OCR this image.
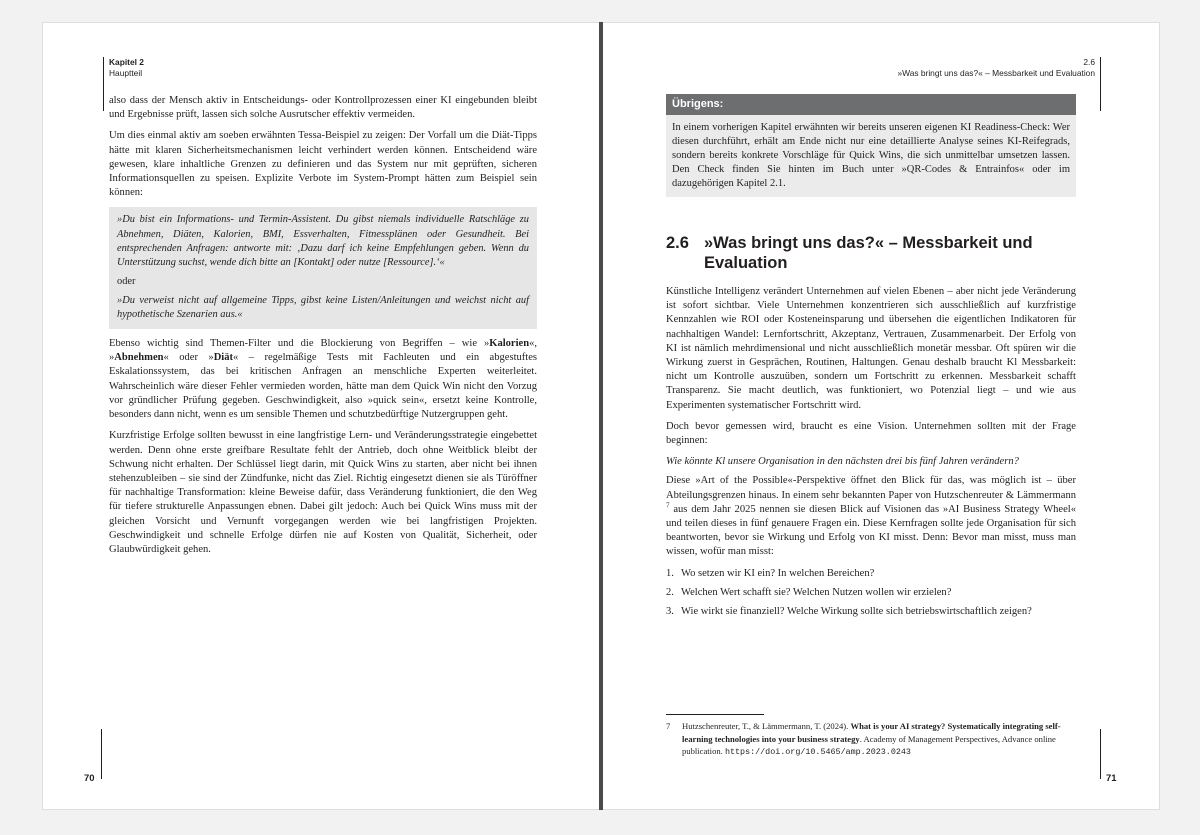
Kapitel 2
Hauptteil

also dass der Mensch aktiv in Entscheidungs- oder Kontrollprozessen einer KI eingebunden bleibt und Ergebnisse prüft, lassen sich solche Ausrutscher effektiv vermeiden.

Um dies einmal aktiv am soeben erwähnten Tessa-Beispiel zu zeigen: Der Vorfall um die Diät-Tipps hätte mit klaren Sicherheitsmechanismen leicht verhindert werden können. Entscheidend wäre gewesen, klare inhaltliche Grenzen zu definieren und das System nur mit geprüften, sicheren Informationsquellen zu speisen. Explizite Verbote im System-Prompt hätten zum Beispiel sein können:

»Du bist ein Informations- und Termin-Assistent. Du gibst niemals individuelle Ratschläge zu Abnehmen, Diäten, Kalorien, BMI, Essverhalten, Fitnessplänen oder Gesundheit. Bei entsprechenden Anfragen: antworte mit: ‚Dazu darf ich keine Empfehlungen geben. Wenn du Unterstützung suchst, wende dich bitte an [Kontakt] oder nutze [Ressource].‘«

oder

»Du verweist nicht auf allgemeine Tipps, gibst keine Listen/Anleitungen und weichst nicht auf hypothetische Szenarien aus.«

Ebenso wichtig sind Themen-Filter und die Blockierung von Begriffen – wie »Kalorien«, »Abnehmen« oder »Diät« – regelmäßige Tests mit Fachleuten und ein abgestuftes Eskalationssystem, das bei kritischen Anfragen an menschliche Experten weiterleitet. Wahrscheinlich wäre dieser Fehler vermieden worden, hätte man dem Quick Win nicht den Vorzug vor gründlicher Prüfung gegeben. Geschwindigkeit, also »quick sein«, ersetzt keine Kontrolle, besonders dann nicht, wenn es um sensible Themen und schutzbedürftige Nutzergruppen geht.

Kurzfristige Erfolge sollten bewusst in eine langfristige Lern- und Veränderungsstrategie eingebettet werden. Denn ohne erste greifbare Resultate fehlt der Antrieb, doch ohne Weitblick bleibt der Schwung nicht erhalten. Der Schlüssel liegt darin, mit Quick Wins zu starten, aber nicht bei ihnen stehenzubleiben – sie sind der Zündfunke, nicht das Ziel. Richtig eingesetzt dienen sie als Türöffner für nachhaltige Transformation: kleine Beweise dafür, dass Veränderung funktioniert, die den Weg für tiefere strukturelle Anpassungen ebnen. Dabei gilt jedoch: Auch bei Quick Wins muss mit der gleichen Vorsicht und Vernunft vorgegangen werden wie bei langfristigen Projekten. Geschwindigkeit und schnelle Erfolge dürfen nie auf Kosten von Qualität, Sicherheit, oder Glaubwürdigkeit gehen.

70
2.6
»Was bringt uns das?« – Messbarkeit und Evaluation
Übrigens:
In einem vorherigen Kapitel erwähnten wir bereits unseren eigenen KI Readiness-Check: Wer diesen durchführt, erhält am Ende nicht nur eine detaillierte Analyse seines KI-Reifegrads, sondern bereits konkrete Vorschläge für Quick Wins, die sich unmittelbar umsetzen lassen. Den Check finden Sie hinten im Buch unter »QR-Codes & Entrainfos« oder im dazugehörigen Kapitel 2.1.
2.6 »Was bringt uns das?« – Messbarkeit und Evaluation

Künstliche Intelligenz verändert Unternehmen auf vielen Ebenen – aber nicht jede Veränderung ist sofort sichtbar. Viele Unternehmen konzentrieren sich ausschließlich auf kurzfristige Kennzahlen wie ROI oder Kosteneinsparung und übersehen die eigentlichen Indikatoren für nachhaltigen Wandel: Lernfortschritt, Akzeptanz, Vertrauen, Zusammenarbeit. Der Erfolg von KI ist nämlich mehrdimensional und nicht ausschließlich monetär messbar. Oft spüren wir die Wirkung zuerst in Gesprächen, Routinen, Haltungen. Genau deshalb braucht Kl Messbarkeit: nicht um Kontrolle auszuüben, sondern um Fortschritt zu erkennen. Messbarkeit schafft Transparenz. Sie macht deutlich, was funktioniert, wo Potenzial liegt – und wie aus Experimenten systematischer Fortschritt wird.

Doch bevor gemessen wird, braucht es eine Vision. Unternehmen sollten mit der Frage beginnen:

Wie könnte Kl unsere Organisation in den nächsten drei bis fünf Jahren verändern?

Diese »Art of the Possible«-Perspektive öffnet den Blick für das, was möglich ist – über Abteilungsgrenzen hinaus. In einem sehr bekannten Paper von Hutzschenreuter & Lämmermann $^7$ aus dem Jahr 2025 nennen sie diesen Blick auf Visionen das »AI Business Strategy Wheel« und teilen dieses in fünf genauere Fragen ein. Diese Kernfragen sollte jede Organisation für sich beantworten, bevor sie Wirkung und Erfolg von KI misst. Denn: Bevor man misst, muss man wissen, wofür man misst:

1. Wo setzen wir KI ein? In welchen Bereichen?
2. Welchen Wert schafft sie? Welchen Nutzen wollen wir erzielen?
3. Wie wirkt sie finanziell? Welche Wirkung sollte sich betriebswirtschaftlich zeigen?
7	Hutzschenreuter, T., & Lämmermann, T. (2024). What is your AI strategy? Systematically integrating self-learning technologies into your business strategy. Academy of Management Perspectives, Advance online publication. https://doi.org/10.5465/amp.2023.0243
71
